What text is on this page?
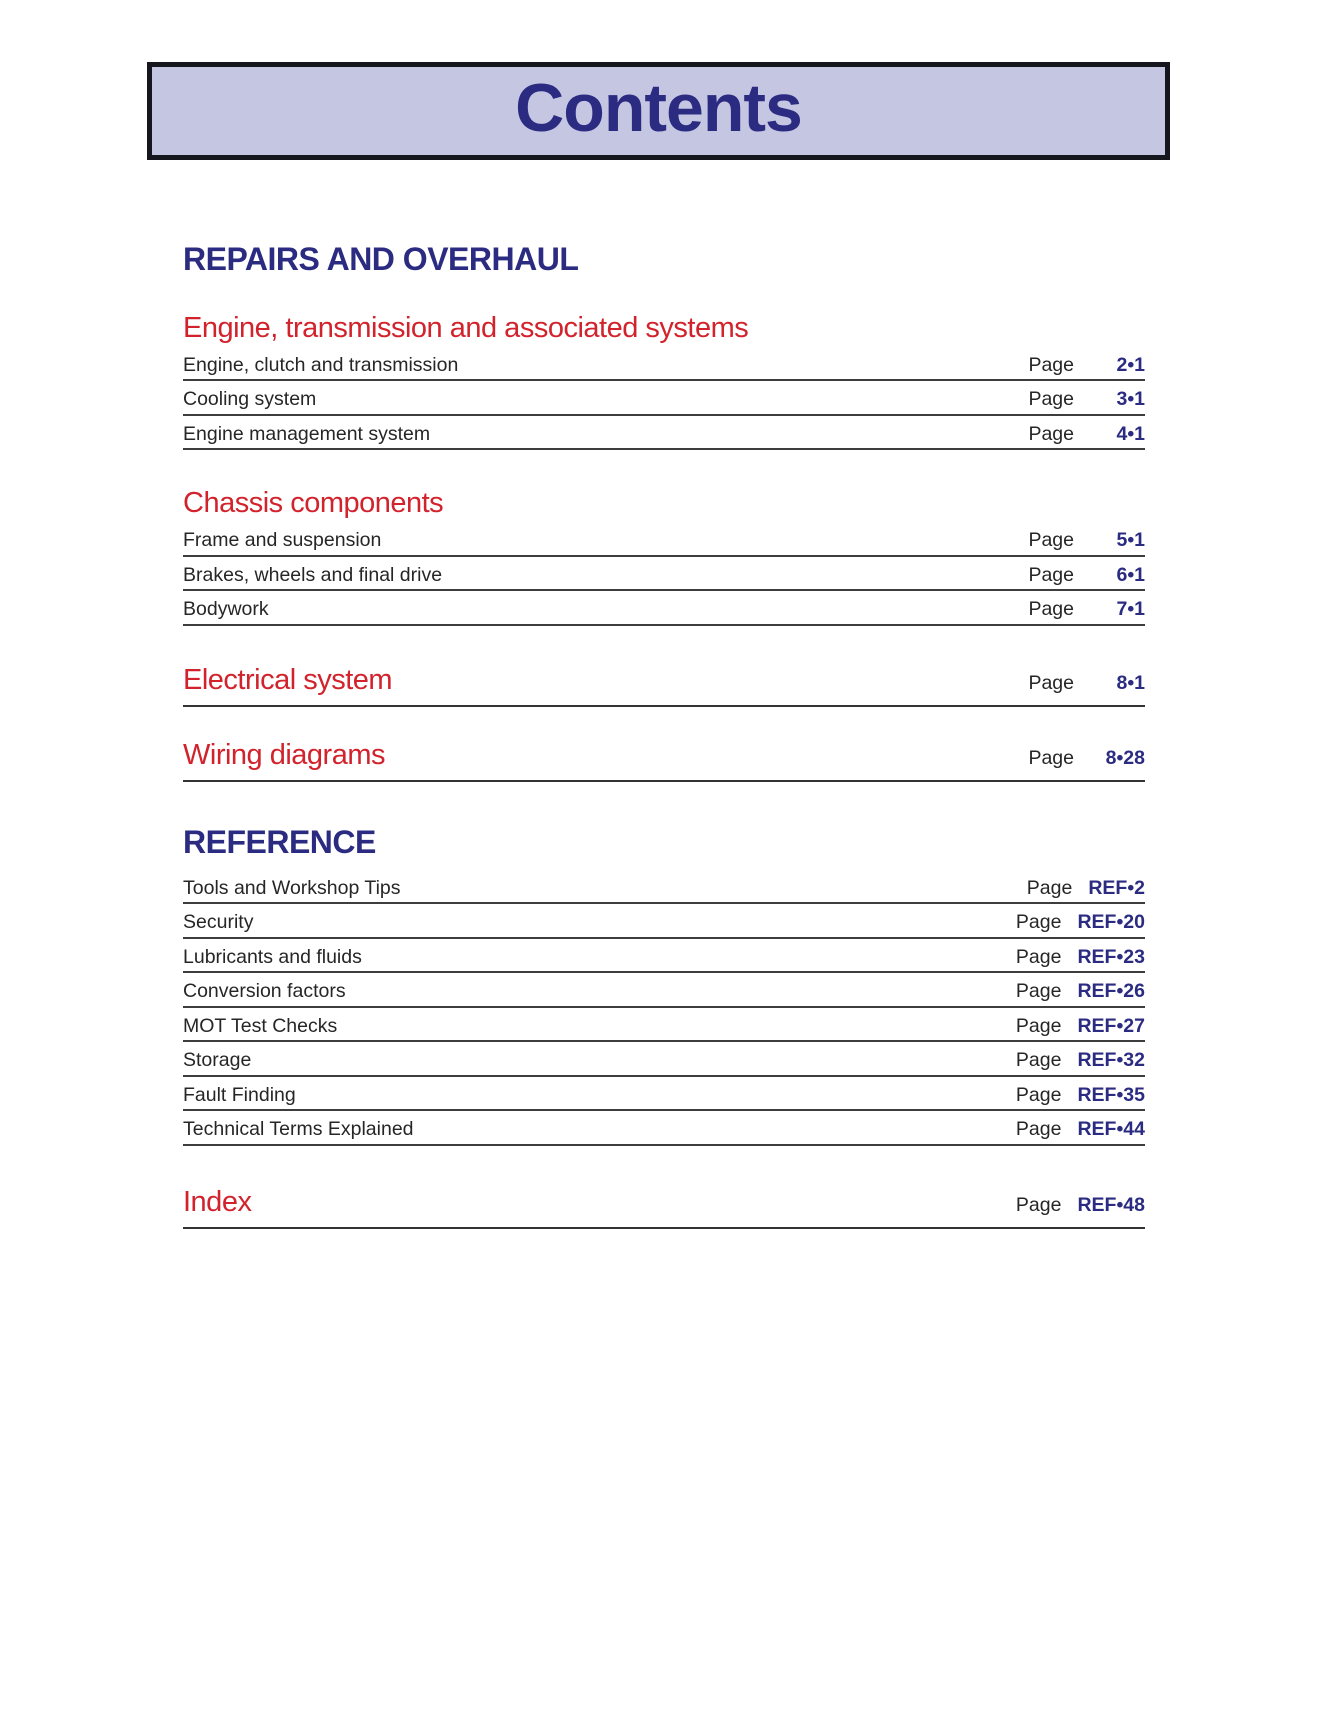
Contents
REPAIRS AND OVERHAUL
Engine, transmission and associated systems
Engine, clutch and transmission	Page 2•1
Cooling system	Page 3•1
Engine management system	Page 4•1
Chassis components
Frame and suspension	Page 5•1
Brakes, wheels and final drive	Page 6•1
Bodywork	Page 7•1
Electrical system	Page 8•1
Wiring diagrams	Page 8•28
REFERENCE
Tools and Workshop Tips	Page REF•2
Security	Page REF•20
Lubricants and fluids	Page REF•23
Conversion factors	Page REF•26
MOT Test Checks	Page REF•27
Storage	Page REF•32
Fault Finding	Page REF•35
Technical Terms Explained	Page REF•44
Index	Page REF•48
